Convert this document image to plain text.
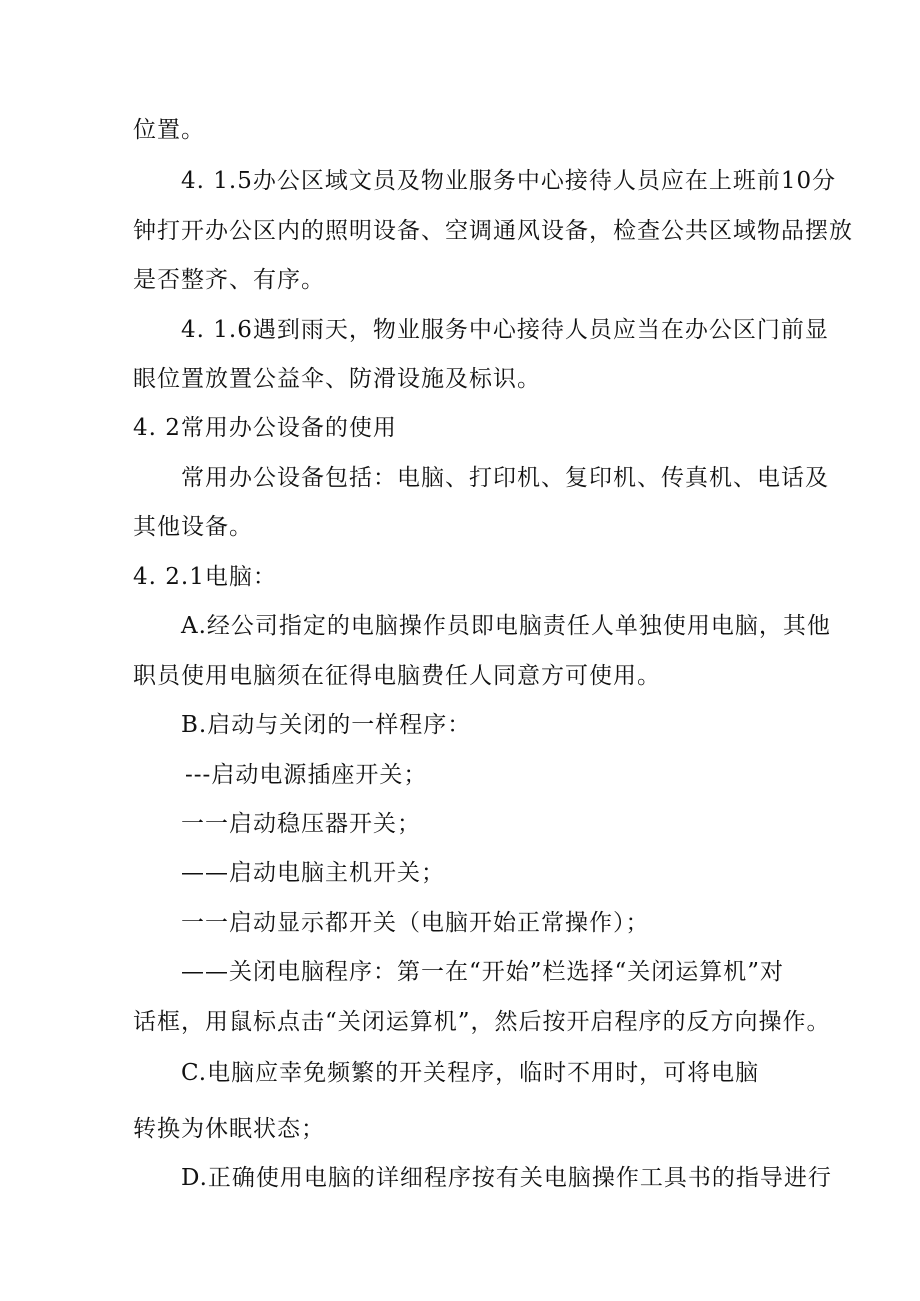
位置。
4. 1.5办公区域文员及物业服务中心接待人员应在上班前10分
钟打开办公区内的照明设备、空调通风设备，检查公共区域物品摆放
是否整齐、有序。
4. 1.6遇到雨天，物业服务中心接待人员应当在办公区门前显
眼位置放置公益伞、防滑设施及标识。
4. 2常用办公设备的使用
常用办公设备包括：电脑、打印机、复印机、传真机、电话及
其他设备。
4. 2.1电脑：
A.经公司指定的电脑操作员即电脑责任人单独使用电脑，其他
职员使用电脑须在征得电脑费任人同意方可使用。
B.启动与关闭的一样程序：
---启动电源插座开关；
一一启动稳压器开关；
——启动电脑主机开关；
一一启动显示都开关（电脑开始正常操作）；
——关闭电脑程序：第一在“开始”栏选择“关闭运算机”对
话框，用鼠标点击“关闭运算机”，然后按开启程序的反方向操作。
C.电脑应幸免频繁的开关程序，临时不用时，可将电脑
转换为休眠状态；
D.正确使用电脑的详细程序按有关电脑操作工具书的指导进行
